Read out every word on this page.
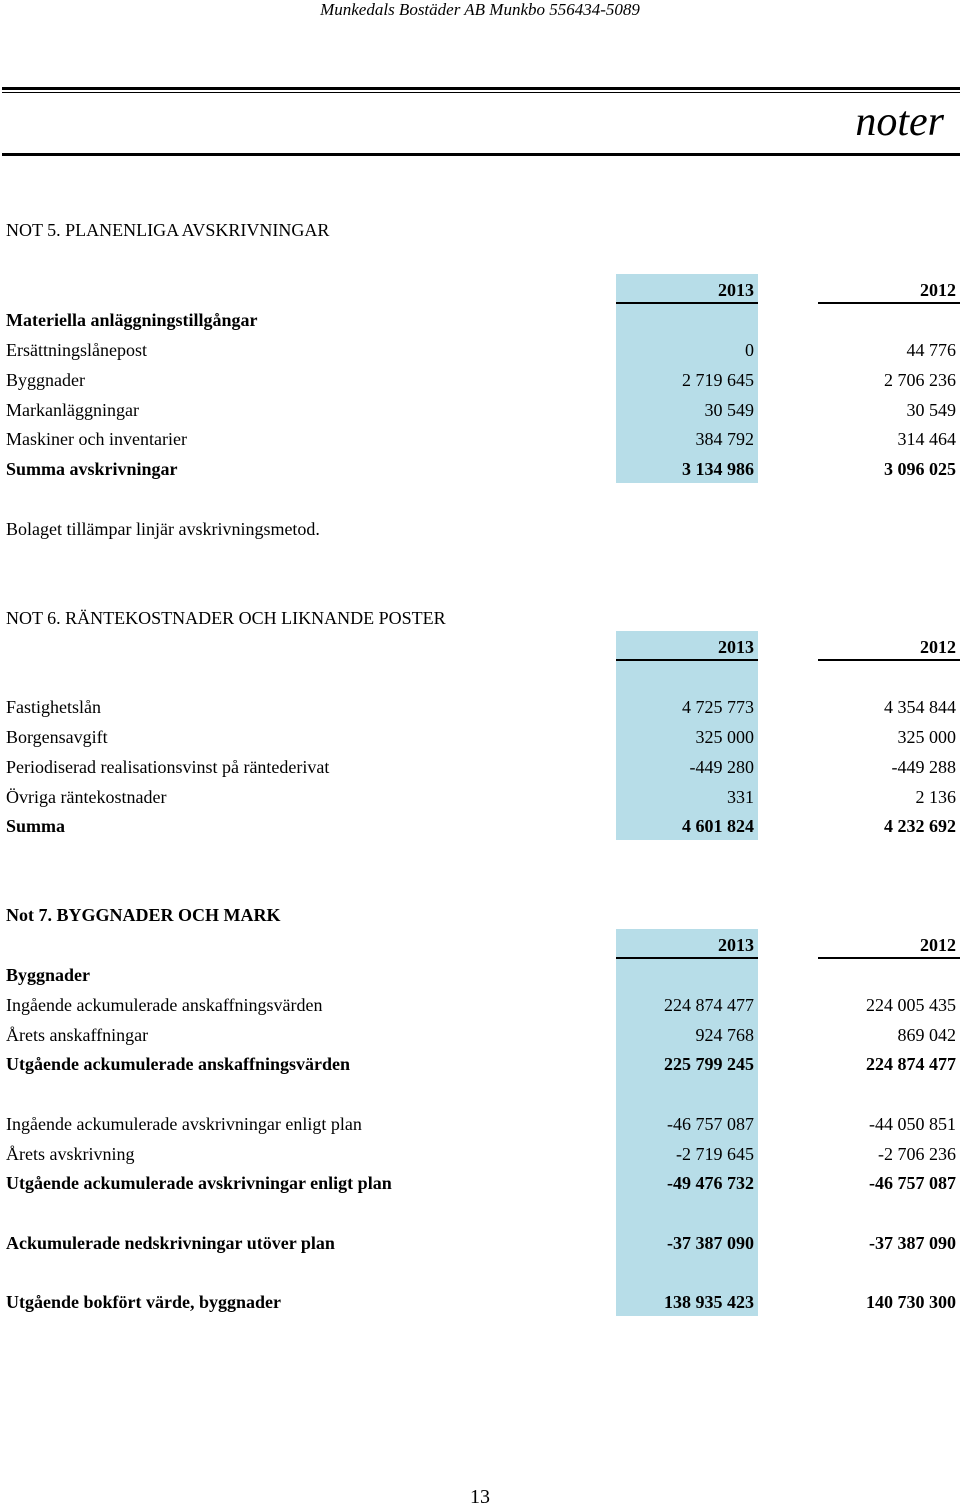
Munkedals Bostäder AB Munkbo 556434-5089
noter
NOT 5. PLANENLIGA AVSKRIVNINGAR
2013	2012
Materiella anläggningstillgångar
Ersättningslånepost	0	44 776
Byggnader	2 719 645	2 706 236
Markanläggningar	30 549	30 549
Maskiner och inventarier	384 792	314 464
Summa avskrivningar	3 134 986	3 096 025
Bolaget tillämpar linjär avskrivningsmetod.
NOT 6. RÄNTEKOSTNADER OCH LIKNANDE POSTER
2013	2012
Fastighetslån	4 725 773	4 354 844
Borgensavgift	325 000	325 000
Periodiserad realisationsvinst på räntederivat	-449 280	-449 288
Övriga räntekostnader	331	2 136
Summa	4 601 824	4 232 692
Not 7. BYGGNADER OCH MARK
2013	2012
Byggnader
Ingående ackumulerade anskaffningsvärden	224 874 477	224 005 435
Årets anskaffningar	924 768	869 042
Utgående ackumulerade anskaffningsvärden	225 799 245	224 874 477
Ingående ackumulerade avskrivningar enligt plan	-46 757 087	-44 050 851
Årets avskrivning	-2 719 645	-2 706 236
Utgående ackumulerade avskrivningar enligt plan	-49 476 732	-46 757 087
Ackumulerade nedskrivningar utöver plan	-37 387 090	-37 387 090
Utgående bokfört värde, byggnader	138 935 423	140 730 300
13
